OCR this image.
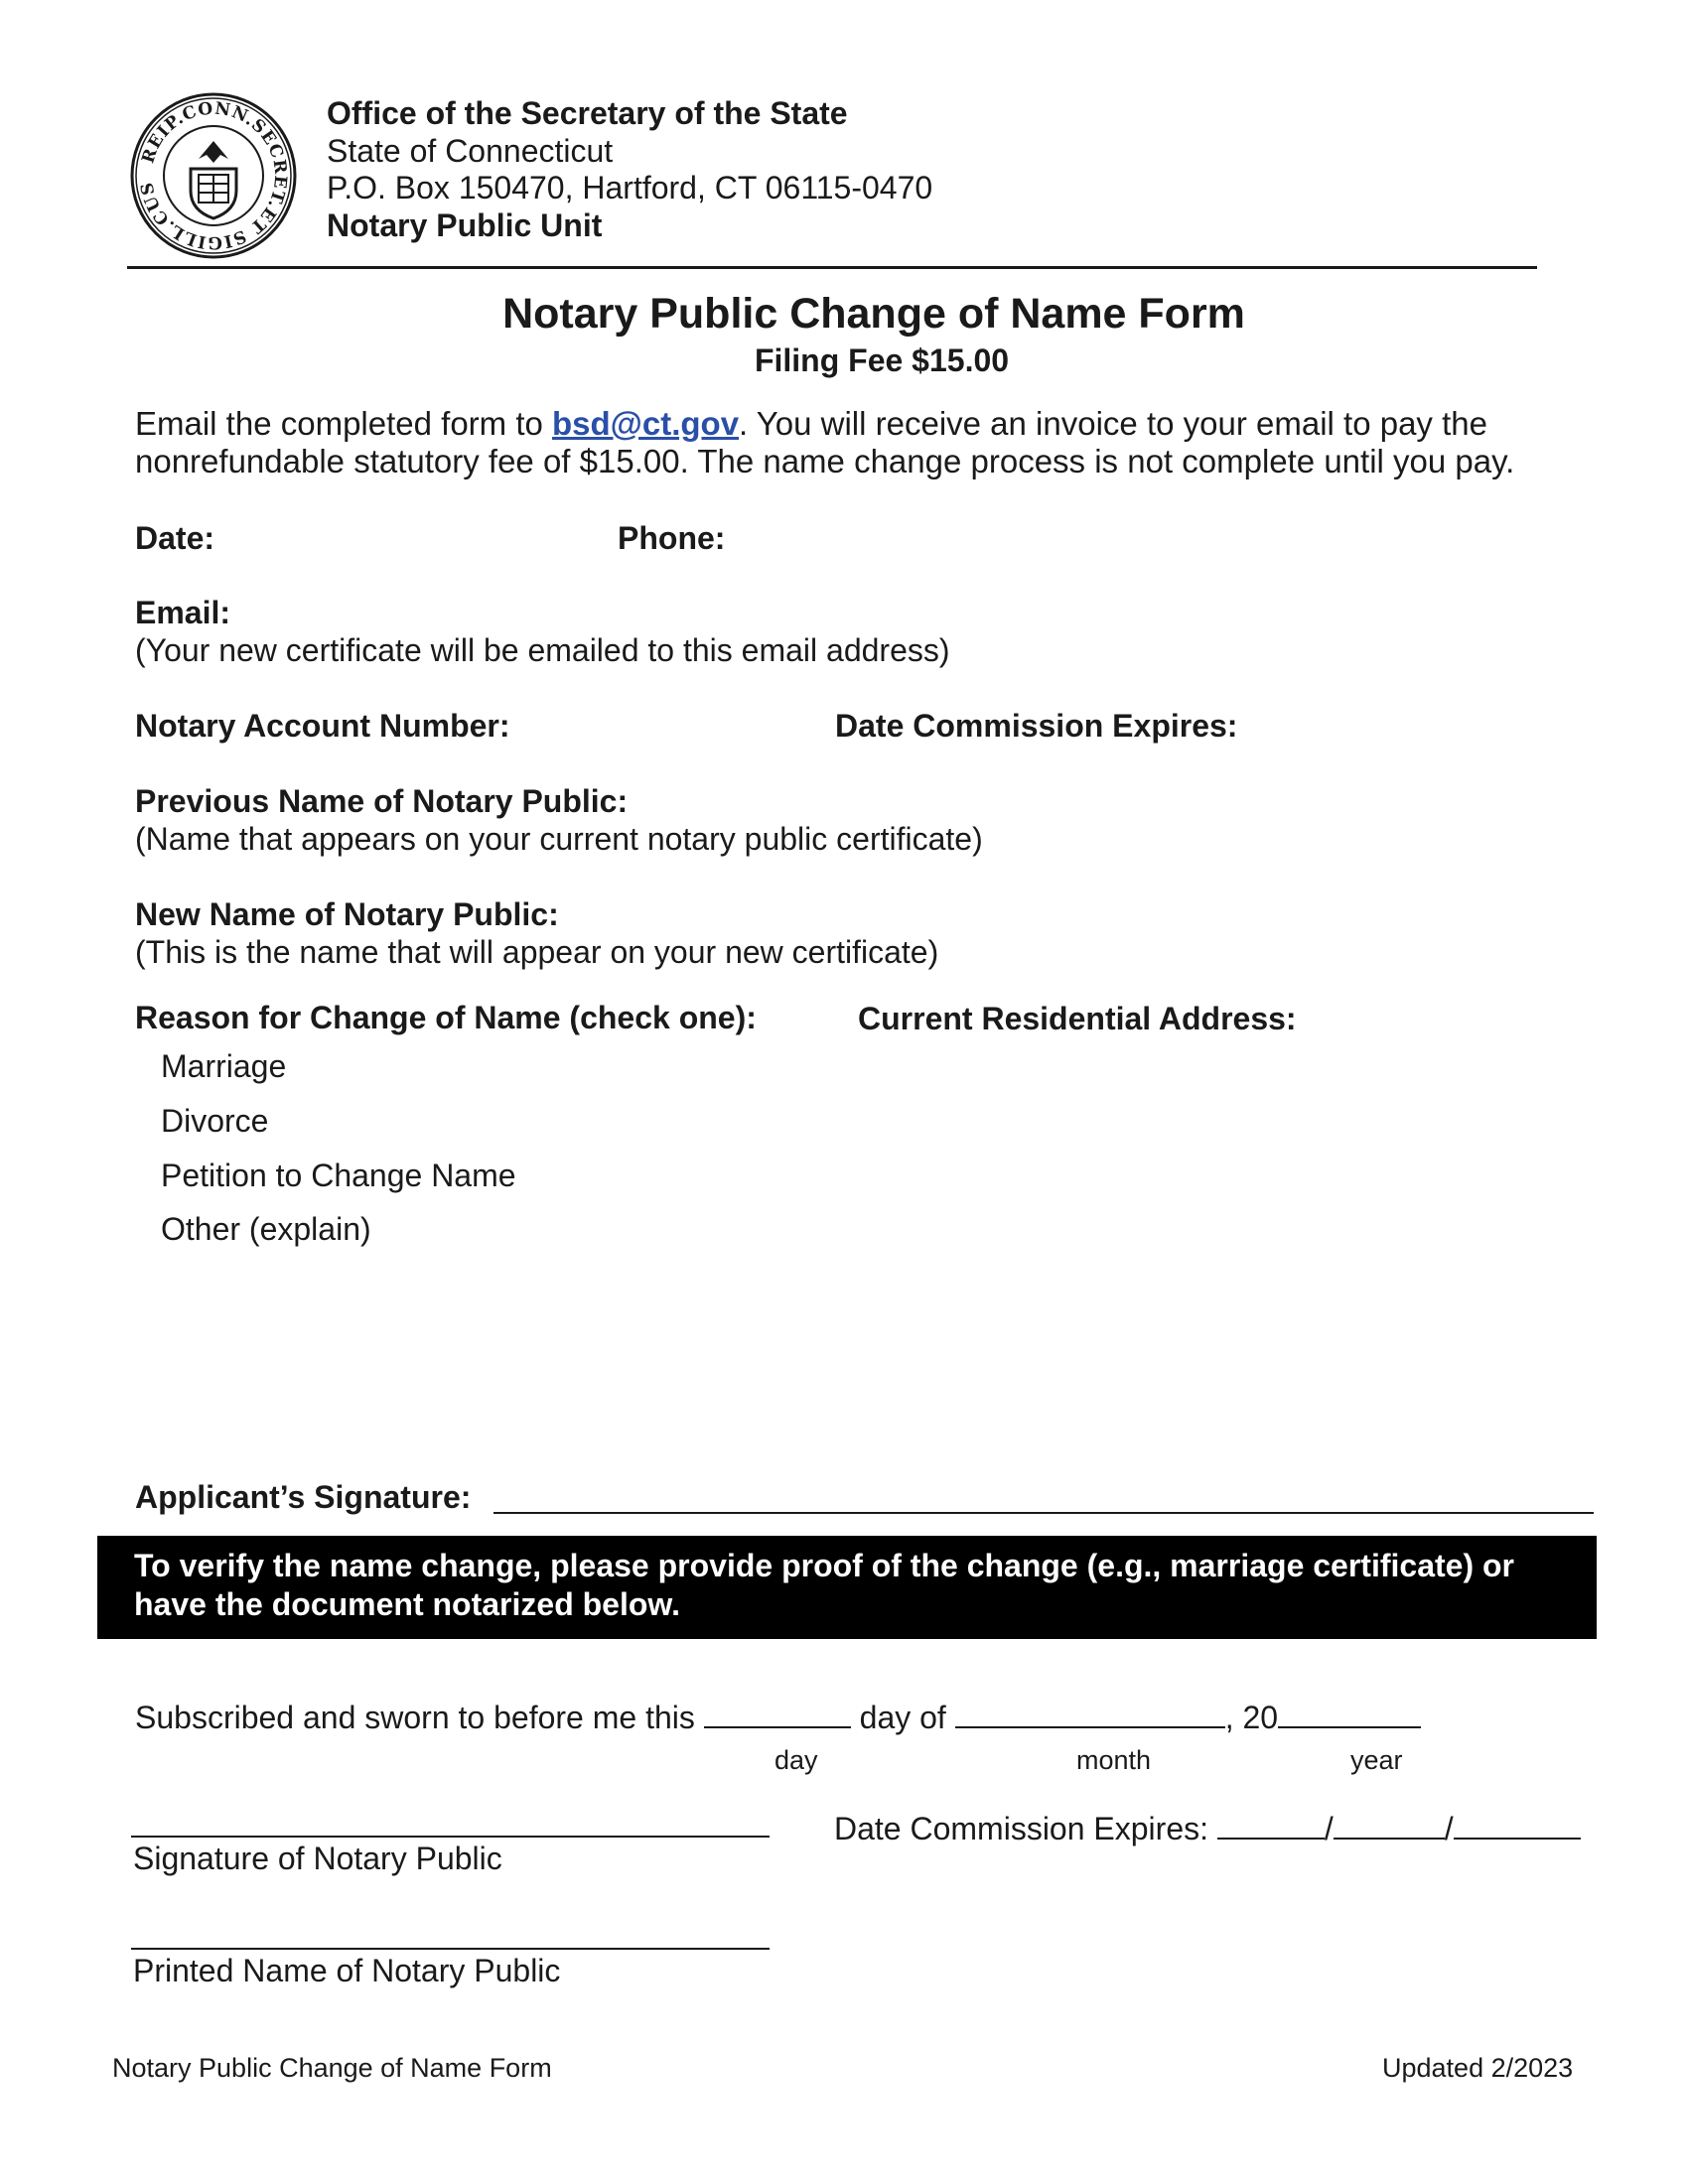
REIP.CONN.SECRET.ET SIGILL.CUS
Office of the Secretary of the State
State of Connecticut
P.O. Box 150470, Hartford, CT 06115-0470
Notary Public Unit
Notary Public Change of Name Form
Filing Fee $15.00
Email the completed form to bsd@ct.gov. You will receive an invoice to your email to pay the
nonrefundable statutory fee of $15.00. The name change process is not complete until you pay.
Date:	Phone:
Email:
(Your new certificate will be emailed to this email address)
Notary Account Number:	Date Commission Expires:
Previous Name of Notary Public:
(Name that appears on your current notary public certificate)
New Name of Notary Public:
(This is the name that will appear on your new certificate)
Reason for Change of Name (check one):	Current Residential Address:
Marriage
Divorce
Petition to Change Name
Other (explain)
Applicant’s Signature:
To verify the name change, please provide proof of the change (e.g., marriage certificate) or
have the document notarized below.
Subscribed and sworn to before me this	day of	, 20
day	month	year
Signature of Notary Public
Date Commission Expires:	/	/
Printed Name of Notary Public
Notary Public Change of Name Form	Updated 2/2023
